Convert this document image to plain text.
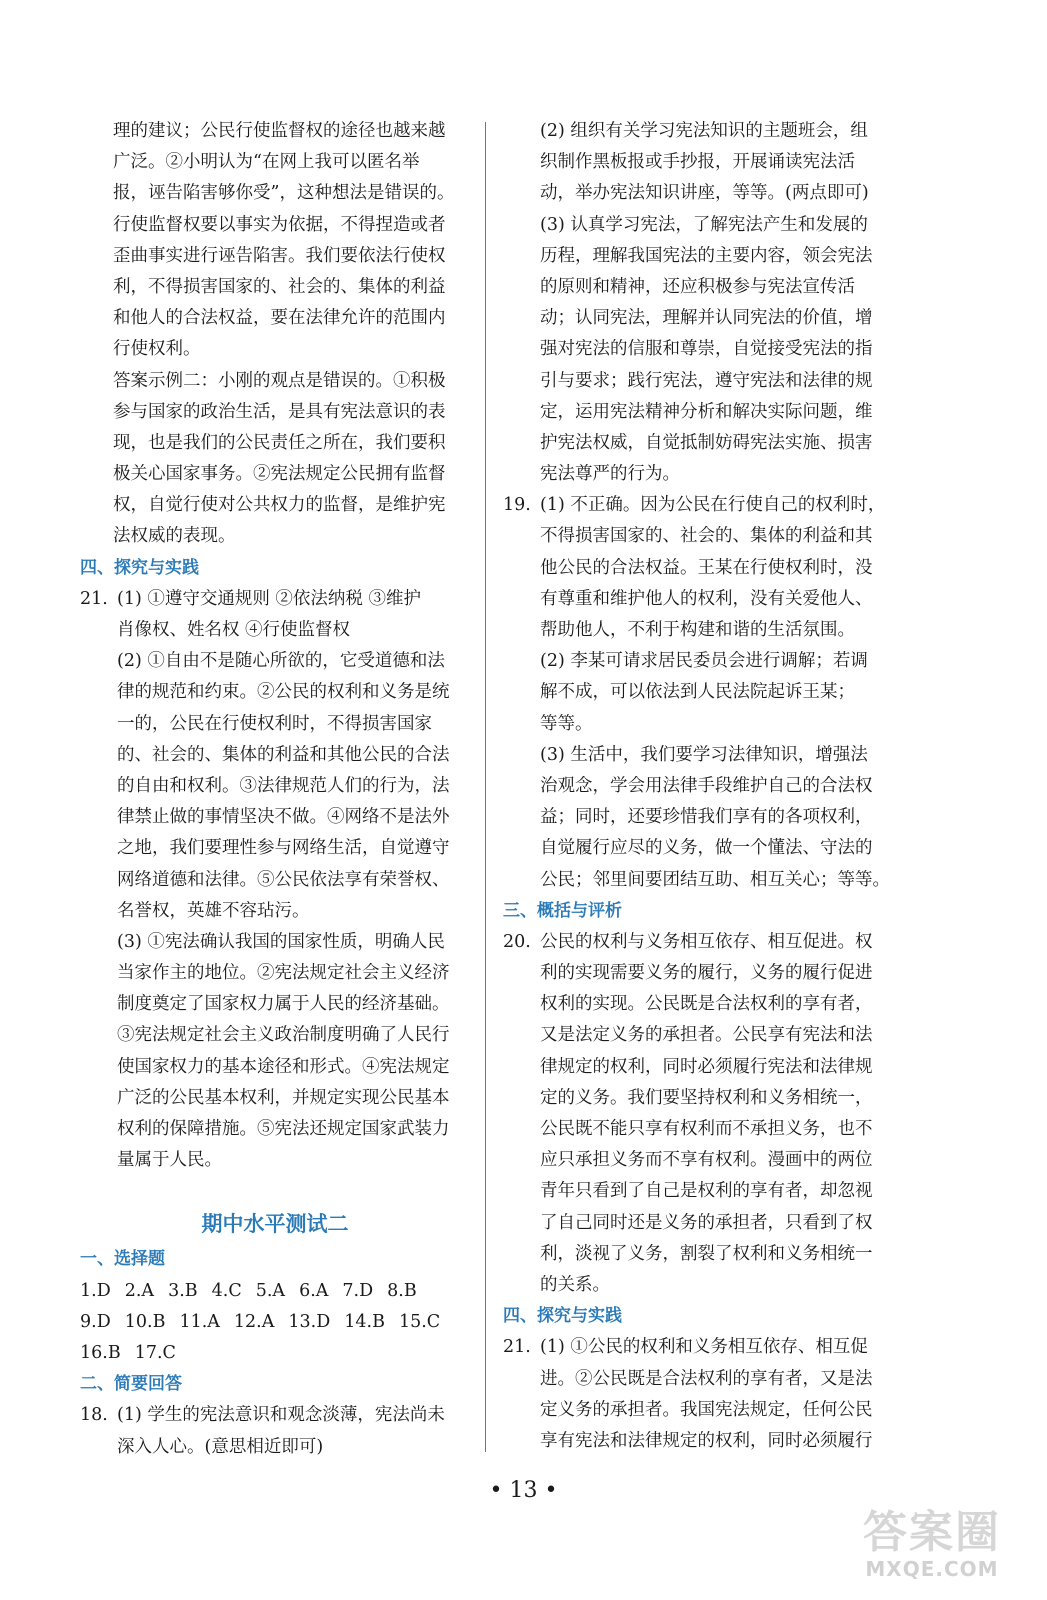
理的建议；公民行使监督权的途径也越来越
广泛。②小明认为“在网上我可以匿名举
报，诬告陷害够你受”，这种想法是错误的。
行使监督权要以事实为依据，不得捏造或者
歪曲事实进行诬告陷害。我们要依法行使权
利，不得损害国家的、社会的、集体的利益
和他人的合法权益，要在法律允许的范围内
行使权利。
答案示例二：小刚的观点是错误的。①积极
参与国家的政治生活，是具有宪法意识的表
现，也是我们的公民责任之所在，我们要积
极关心国家事务。②宪法规定公民拥有监督
权，自觉行使对公共权力的监督，是维护宪
法权威的表现。
四、探究与实践
21. (1) ①遵守交通规则 ②依法纳税 ③维护
肖像权、姓名权 ④行使监督权
(2) ①自由不是随心所欲的，它受道德和法
律的规范和约束。②公民的权利和义务是统
一的，公民在行使权利时，不得损害国家
的、社会的、集体的利益和其他公民的合法
的自由和权利。③法律规范人们的行为，法
律禁止做的事情坚决不做。④网络不是法外
之地，我们要理性参与网络生活，自觉遵守
网络道德和法律。⑤公民依法享有荣誉权、
名誉权，英雄不容玷污。
(3) ①宪法确认我国的国家性质，明确人民
当家作主的地位。②宪法规定社会主义经济
制度奠定了国家权力属于人民的经济基础。
③宪法规定社会主义政治制度明确了人民行
使国家权力的基本途径和形式。④宪法规定
广泛的公民基本权利，并规定实现公民基本
权利的保障措施。⑤宪法还规定国家武装力
量属于人民。
期中水平测试二
一、选择题
1.D 2.A 3.B 4.C 5.A 6.A 7.D 8.B
9.D 10.B 11.A 12.A 13.D 14.B 15.C
16.B 17.C
二、简要回答
18. (1) 学生的宪法意识和观念淡薄，宪法尚未
深入人心。(意思相近即可)
(2) 组织有关学习宪法知识的主题班会，组
织制作黑板报或手抄报，开展诵读宪法活
动，举办宪法知识讲座，等等。(两点即可)
(3) 认真学习宪法，了解宪法产生和发展的
历程，理解我国宪法的主要内容，领会宪法
的原则和精神，还应积极参与宪法宣传活
动；认同宪法，理解并认同宪法的价值，增
强对宪法的信服和尊崇，自觉接受宪法的指
引与要求；践行宪法，遵守宪法和法律的规
定，运用宪法精神分析和解决实际问题，维
护宪法权威，自觉抵制妨碍宪法实施、损害
宪法尊严的行为。
19. (1) 不正确。因为公民在行使自己的权利时，
不得损害国家的、社会的、集体的利益和其
他公民的合法权益。王某在行使权利时，没
有尊重和维护他人的权利，没有关爱他人、
帮助他人，不利于构建和谐的生活氛围。
(2) 李某可请求居民委员会进行调解；若调
解不成，可以依法到人民法院起诉王某；
等等。
(3) 生活中，我们要学习法律知识，增强法
治观念，学会用法律手段维护自己的合法权
益；同时，还要珍惜我们享有的各项权利，
自觉履行应尽的义务，做一个懂法、守法的
公民；邻里间要团结互助、相互关心；等等。
三、概括与评析
20. 公民的权利与义务相互依存、相互促进。权
利的实现需要义务的履行，义务的履行促进
权利的实现。公民既是合法权利的享有者，
又是法定义务的承担者。公民享有宪法和法
律规定的权利，同时必须履行宪法和法律规
定的义务。我们要坚持权利和义务相统一，
公民既不能只享有权利而不承担义务，也不
应只承担义务而不享有权利。漫画中的两位
青年只看到了自己是权利的享有者，却忽视
了自己同时还是义务的承担者，只看到了权
利，淡视了义务，割裂了权利和义务相统一
的关系。
四、探究与实践
21. (1) ①公民的权利和义务相互依存、相互促
进。②公民既是合法权利的享有者，又是法
定义务的承担者。我国宪法规定，任何公民
享有宪法和法律规定的权利，同时必须履行
• 13 •
答案圈
MXQE.COM
